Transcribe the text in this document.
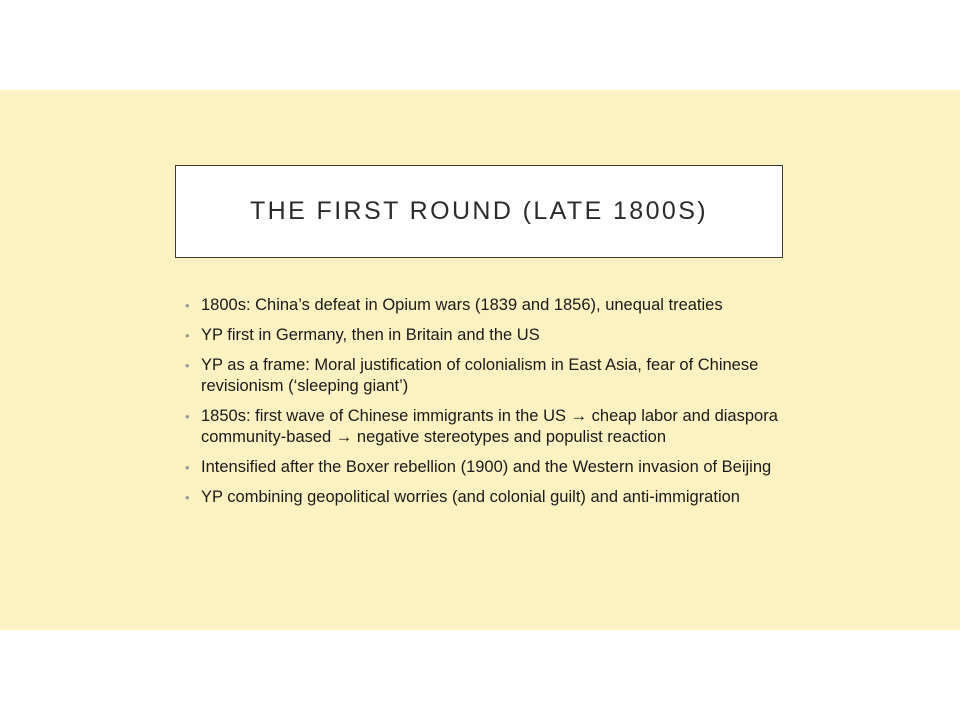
THE FIRST ROUND (LATE 1800S)
• 1800s: China’s defeat in Opium wars (1839 and 1856), unequal treaties
• YP first in Germany, then in Britain and the US
• YP as a frame: Moral justification of colonialism in East Asia, fear of Chinese revisionism (‘sleeping giant’)
• 1850s: first wave of Chinese immigrants in the US → cheap labor and diaspora community-based → negative stereotypes and populist reaction
• Intensified after the Boxer rebellion (1900) and the Western invasion of Beijing
• YP combining geopolitical worries (and colonial guilt) and anti-immigration
